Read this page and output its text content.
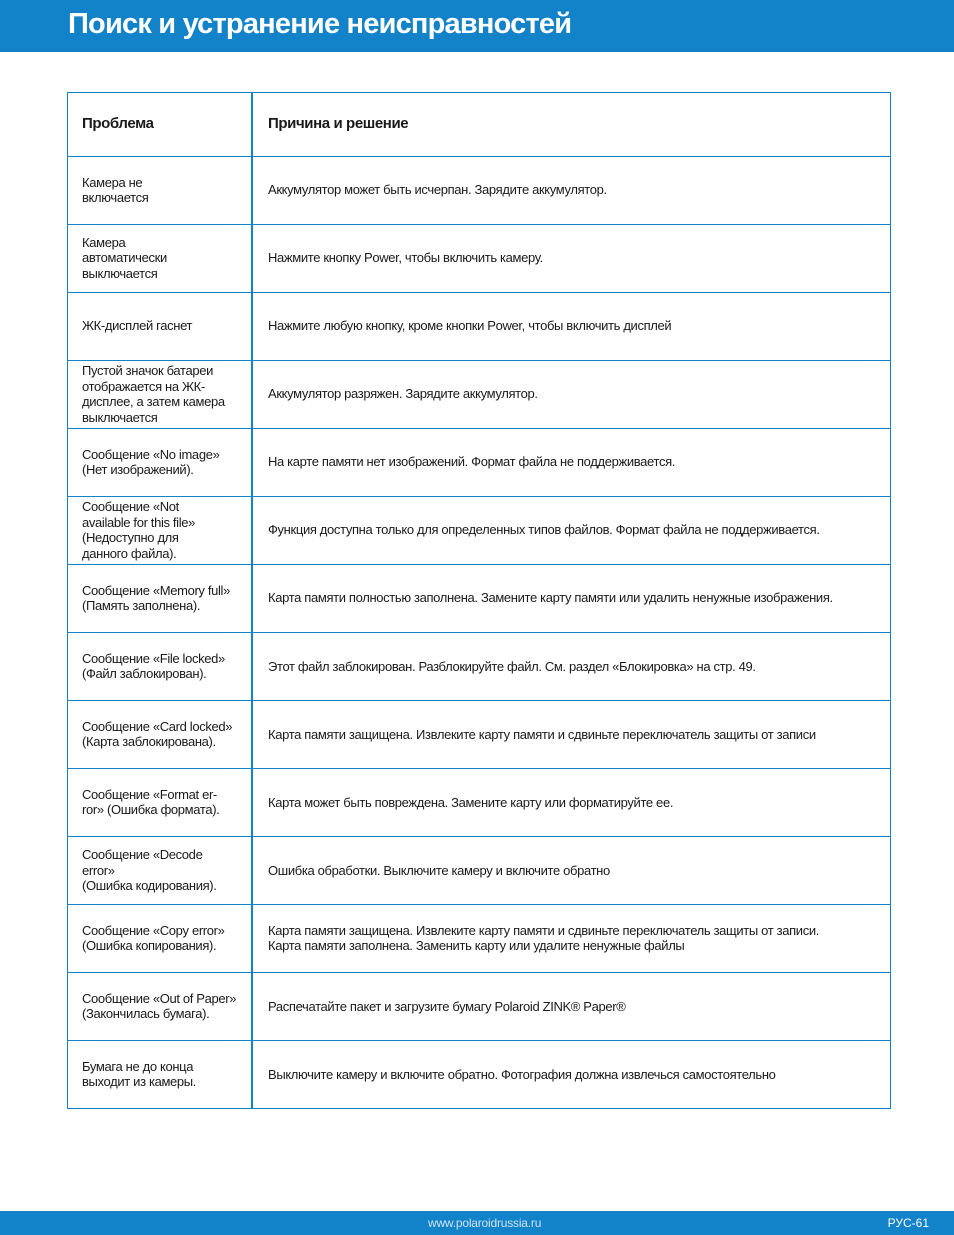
Поиск и устранение неисправностей
Проблема	Причина и решение

Камера не
включается	Аккумулятор может быть исчерпан. Зарядите аккумулятор.

Камера
автоматически
выключается	Нажмите кнопку Power, чтобы включить камеру.

ЖК-дисплей гаснет	Нажмите любую кнопку, кроме кнопки Power, чтобы включить дисплей

Пустой значок батареи
отображается на ЖК-
дисплее, а затем камера
выключается	Аккумулятор разряжен. Зарядите аккумулятор.

Сообщение «No image»
(Нет изображений).	На карте памяти нет изображений. Формат файла не поддерживается.

Сообщение «Not
available for this file»
(Недоступно для
данного файла).	Функция доступна только для определенных типов файлов. Формат файла не поддерживается.

Сообщение «Memory full»
(Память заполнена).	Карта памяти полностью заполнена. Замените карту памяти или удалить ненужные изображения.

Сообщение «File locked»
(Файл заблокирован).	Этот файл заблокирован. Разблокируйте файл. См. раздел «Блокировка» на стр. 49.

Сообщение «Card locked»
(Карта заблокирована).	Карта памяти защищена. Извлеките карту памяти и сдвиньте переключатель защиты от записи

Сообщение «Format er-
ror» (Ошибка формата).	Карта может быть повреждена. Замените карту или форматируйте ее.

Сообщение «Decode error»
(Ошибка кодирования).	Ошибка обработки. Выключите камеру и включите обратно

Сообщение «Copy error»
(Ошибка копирования).	Карта памяти защищена. Извлеките карту памяти и сдвиньте переключатель защиты от записи.
Карта памяти заполнена. Заменить карту или удалите ненужные файлы

Сообщение «Out of Paper»
(Закончилась бумага).	Распечатайте пакет и загрузите бумагу Polaroid ZINK® Paper®

Бумага не до конца
выходит из камеры.	Выключите камеру и включите обратно. Фотография должна извлечься самостоятельно
www.polaroidrussia.ru	РУС-61
